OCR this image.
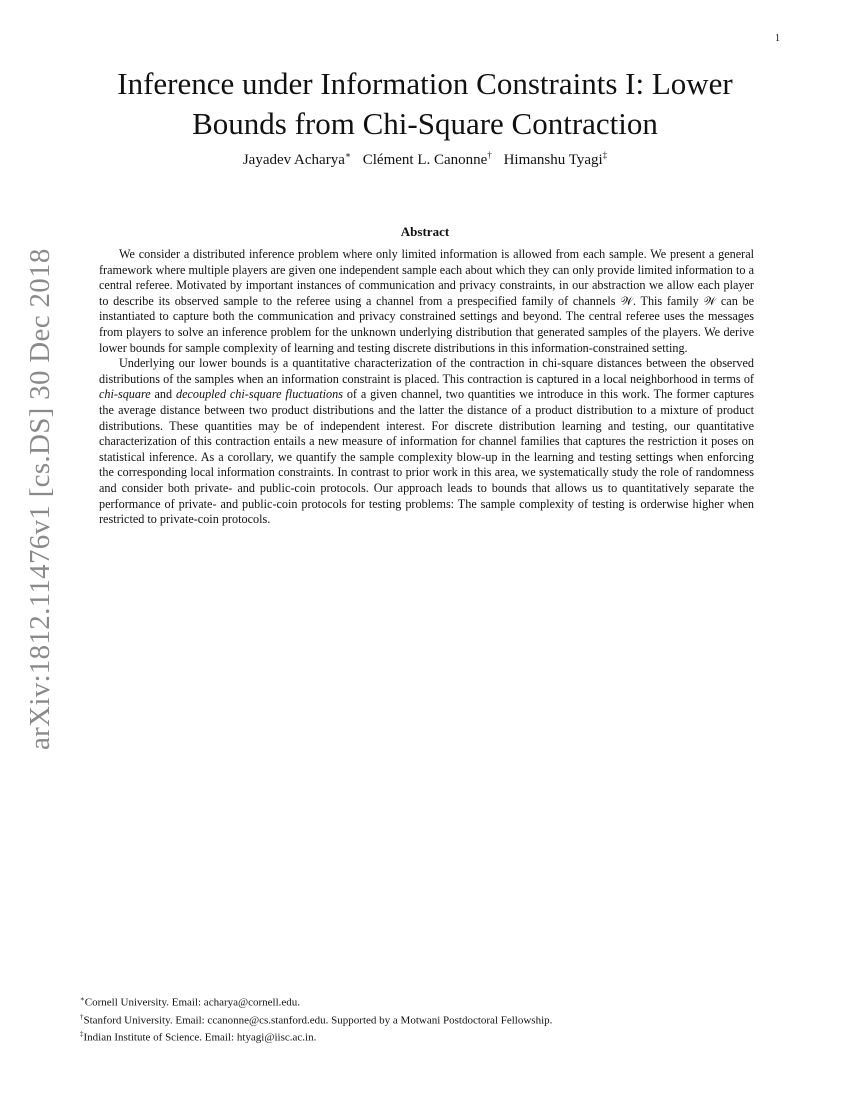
1
arXiv:1812.11476v1 [cs.DS] 30 Dec 2018
Inference under Information Constraints I: Lower
Bounds from Chi-Square Contraction
Jayadev Acharya∗ Clément L. Canonne† Himanshu Tyagi‡
Abstract

We consider a distributed inference problem where only limited information is allowed from each sample. We present a general framework where multiple players are given one independent sample each about which they can only provide limited information to a central referee. Motivated by important instances of communication and privacy constraints, in our abstraction we allow each player to describe its observed sample to the referee using a channel from a prespecified family of channels 𝒲. This family 𝒲 can be instantiated to capture both the communication and privacy constrained settings and beyond. The central referee uses the messages from players to solve an inference problem for the unknown underlying distribution that generated samples of the players. We derive lower bounds for sample complexity of learning and testing discrete distributions in this information-constrained setting.

Underlying our lower bounds is a quantitative characterization of the contraction in chi-square distances between the observed distributions of the samples when an information constraint is placed. This contraction is captured in a local neighborhood in terms of chi-square and decoupled chi-square fluctuations of a given channel, two quantities we introduce in this work. The former captures the average distance between two product distributions and the latter the distance of a product distribution to a mixture of product distributions. These quantities may be of independent interest. For discrete distribution learning and testing, our quantitative characterization of this contraction entails a new measure of information for channel families that captures the restriction it poses on statistical inference. As a corollary, we quantify the sample complexity blow-up in the learning and testing settings when enforcing the corresponding local information constraints. In contrast to prior work in this area, we systematically study the role of randomness and consider both private- and public-coin protocols. Our approach leads to bounds that allows us to quantitatively separate the performance of private- and public-coin protocols for testing problems: The sample complexity of testing is orderwise higher when restricted to private-coin protocols.

∗Cornell University. Email: acharya@cornell.edu.
†Stanford University. Email: ccanonne@cs.stanford.edu. Supported by a Motwani Postdoctoral Fellowship.
‡Indian Institute of Science. Email: htyagi@iisc.ac.in.
